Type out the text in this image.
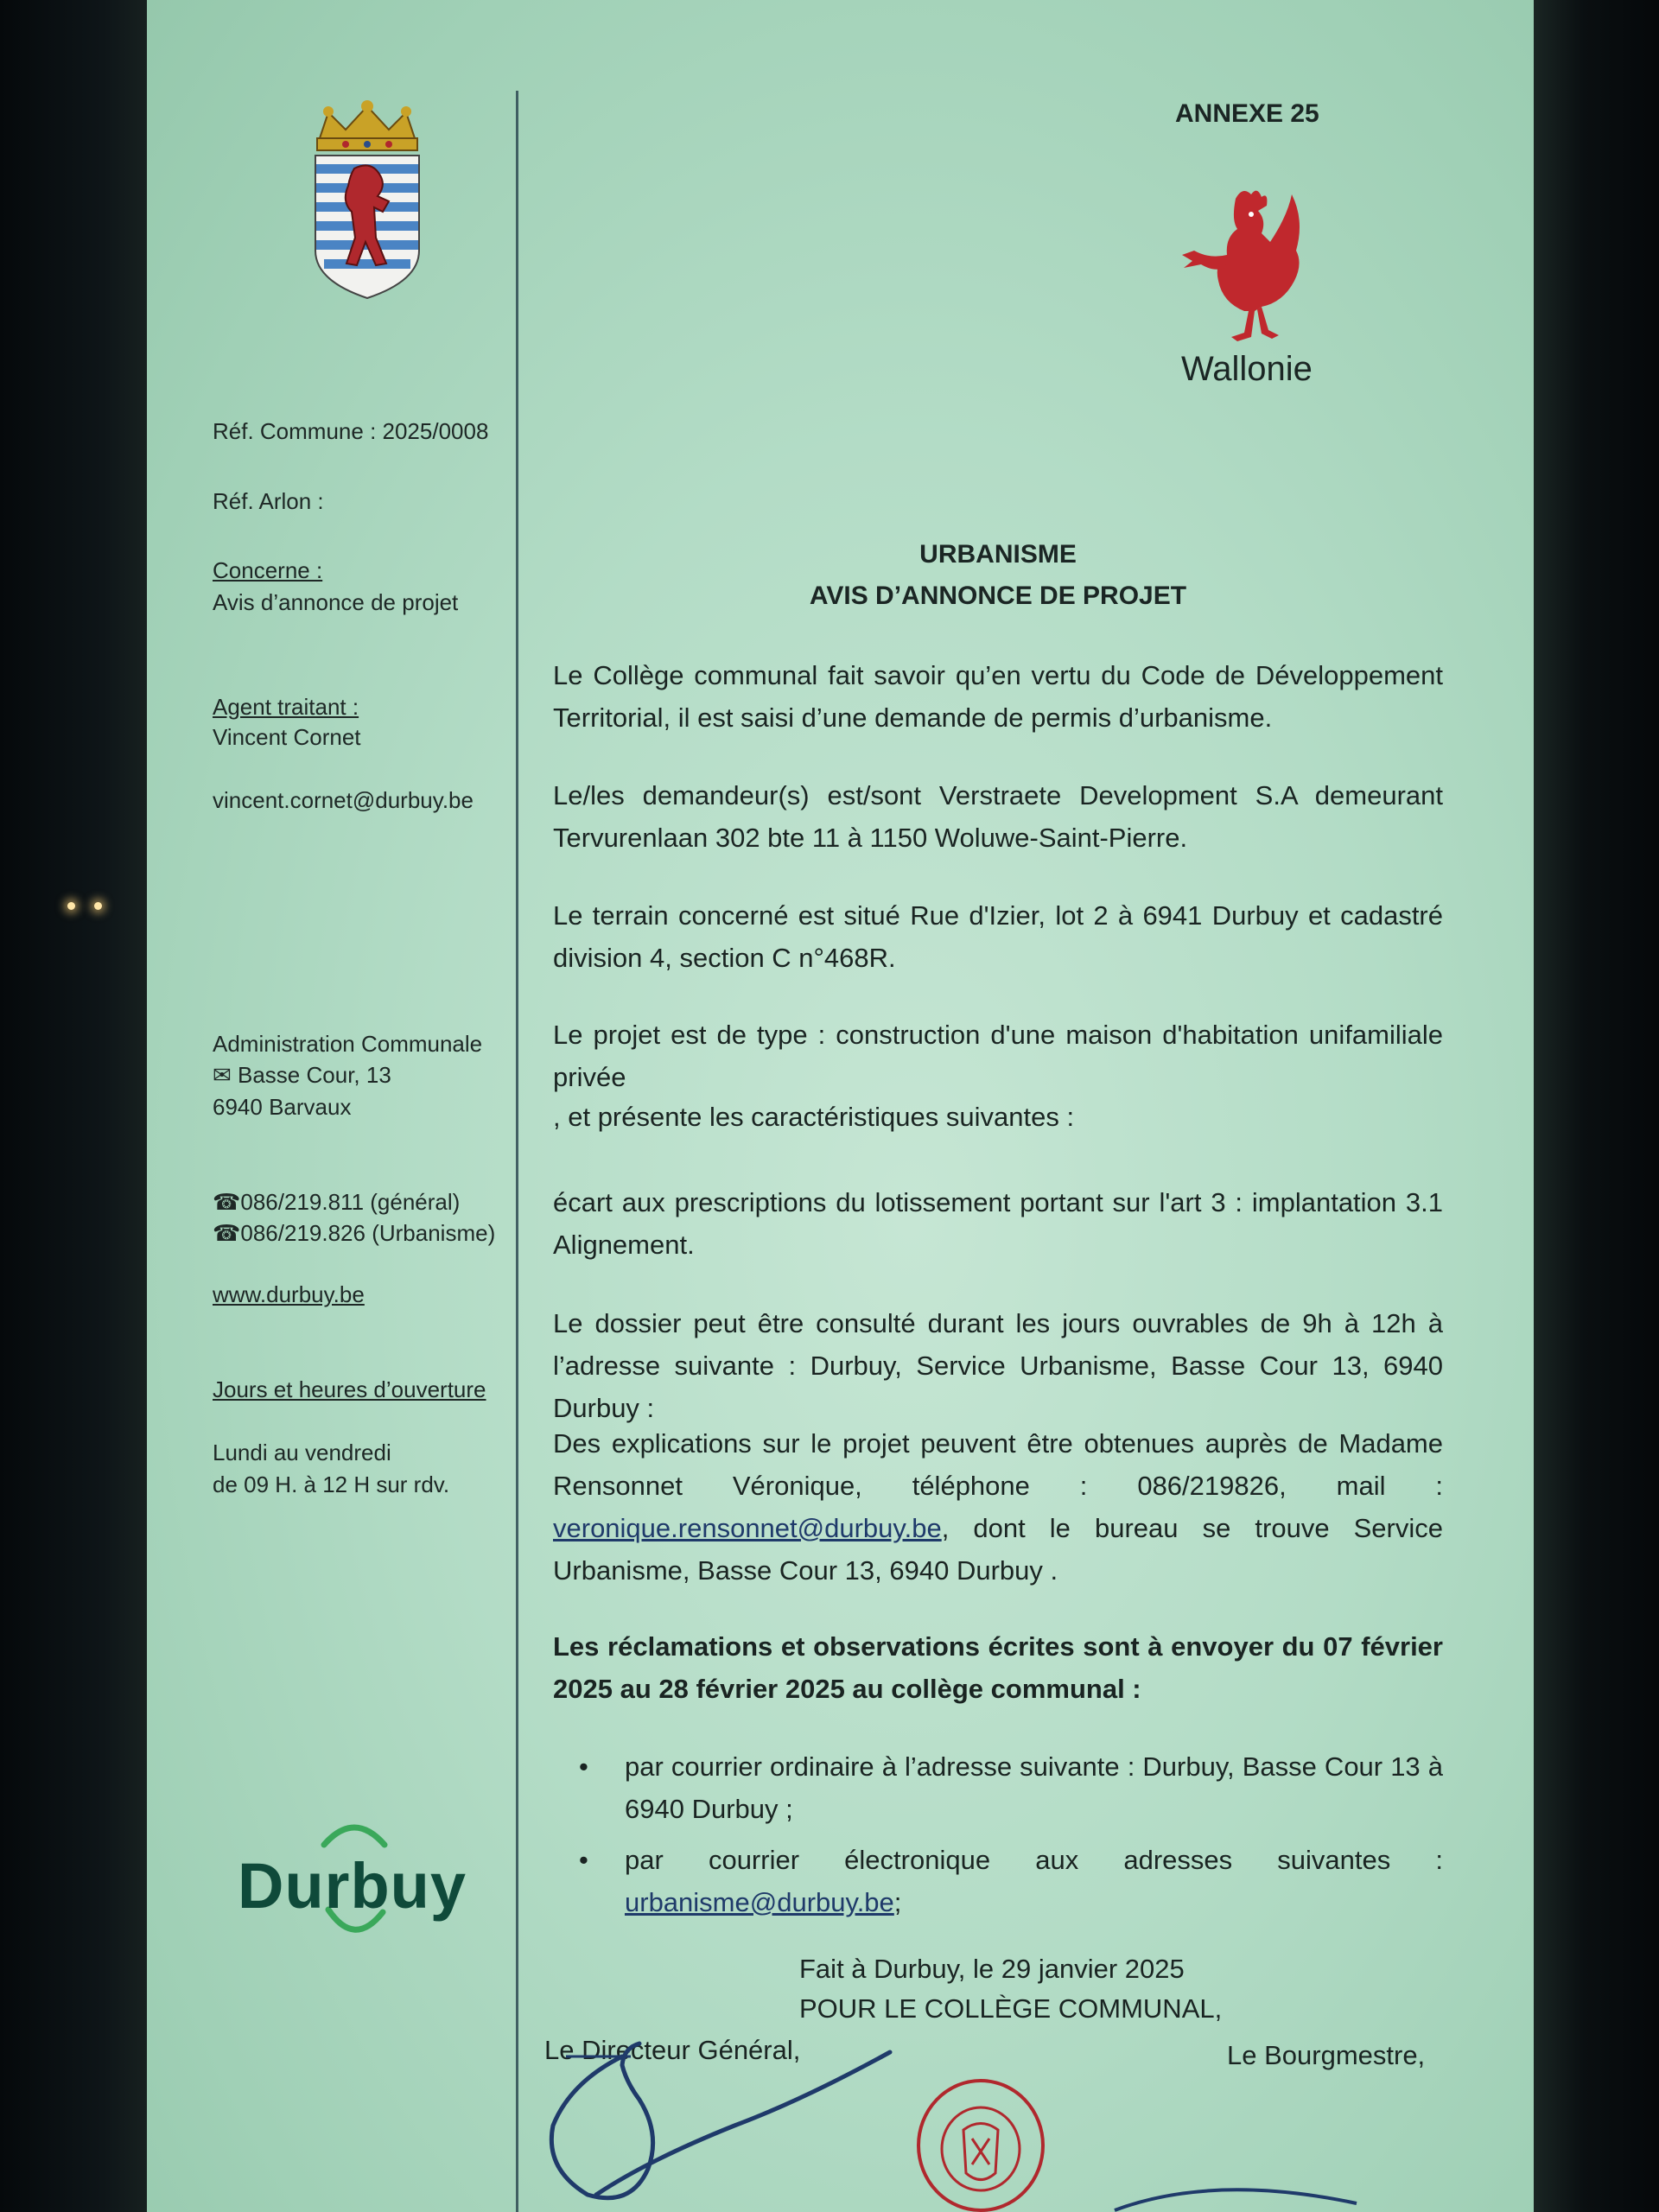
Réf. Commune : 2025/0008
Réf. Arlon :
Concerne :
Avis d’annonce de projet
Agent traitant :
Vincent Cornet
vincent.cornet@durbuy.be
Administration Communale
✉ Basse Cour, 13
6940 Barvaux
☎086/219.811 (général)
☎086/219.826 (Urbanisme)
www.durbuy.be
Jours et heures d’ouverture
Lundi au vendredi
de 09 H. à 12 H sur rdv.
Durbuy
ANNEXE 25
Wallonie
URBANISME
AVIS D’ANNONCE DE PROJET
Le Collège communal fait savoir qu’en vertu du Code de Développement Territorial, il est saisi d’une demande de permis d’urbanisme.
Le/les demandeur(s) est/sont Verstraete Development S.A demeurant Tervurenlaan 302 bte 11 à 1150 Woluwe-Saint-Pierre.
Le terrain concerné est situé Rue d'Izier, lot 2 à 6941 Durbuy et cadastré division 4, section C n°468R.
Le projet est de type : construction d'une maison d'habitation unifamiliale privée
, et présente les caractéristiques suivantes :
écart aux prescriptions du lotissement portant sur l'art 3 : implantation 3.1 Alignement.
Le dossier peut être consulté durant les jours ouvrables de 9h à 12h à l’adresse suivante : Durbuy, Service Urbanisme, Basse Cour 13, 6940 Durbuy :
Des explications sur le projet peuvent être obtenues auprès de Madame Rensonnet Véronique, téléphone : 086/219826, mail : veronique.rensonnet@durbuy.be, dont le bureau se trouve Service Urbanisme, Basse Cour 13, 6940 Durbuy .
Les réclamations et observations écrites sont à envoyer du 07 février 2025 au 28 février 2025 au collège communal :
• par courrier ordinaire à l’adresse suivante : Durbuy, Basse Cour 13 à 6940 Durbuy ;
• par courrier électronique aux adresses suivantes : urbanisme@durbuy.be;
Fait à Durbuy, le 29 janvier 2025
POUR LE COLLÈGE COMMUNAL,
Le Directeur Général,	Le Bourgmestre,
